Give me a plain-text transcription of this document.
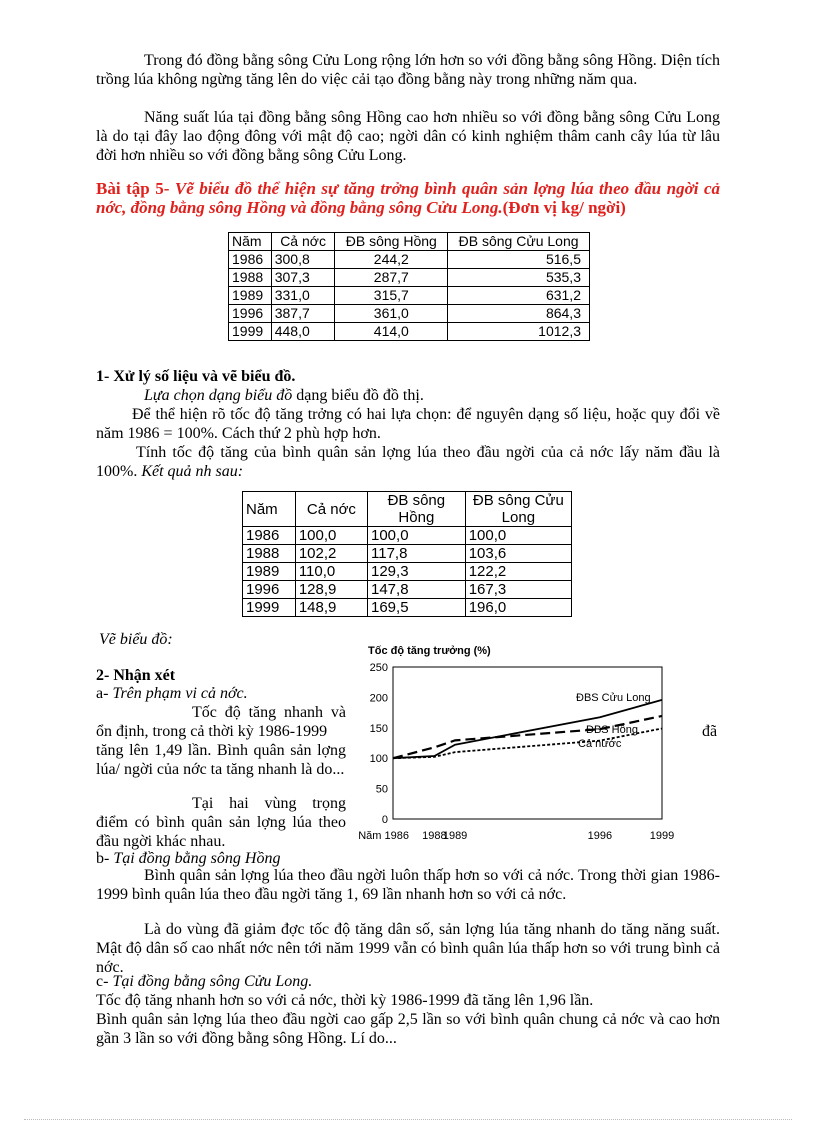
Trong đó đồng bằng sông Cửu Long rộng lớn hơn so với đồng bằng sông Hồng. Diện tích trồng lúa không ngừng tăng lên do việc cải tạo đồng bằng này trong những năm qua.
Năng suất lúa tại đồng bằng sông Hồng cao hơn nhiều so với đồng bằng sông Cửu Long là do tại đây lao động đông với mật độ cao; ngời dân có kinh nghiệm thâm canh cây lúa từ lâu đời hơn nhiều so với đồng bằng sông Cửu Long.
Bài tập 5- Vẽ biểu đồ thể hiện sự tăng trởng bình quân sản lợng lúa theo đầu ngời cả nớc, đồng bằng sông Hồng và đồng bằng sông Cửu Long.(Đơn vị kg/ ngời)
Năm	Cả nớc	ĐB sông Hồng	ĐB sông Cửu Long
1986	300,8	244,2	516,5
1988	307,3	287,7	535,3
1989	331,0	315,7	631,2
1996	387,7	361,0	864,3
1999	448,0	414,0	1012,3
1- Xử lý số liệu và vẽ biểu đồ.
Lựa chọn dạng biểu đồ dạng biểu đồ đồ thị.
Để thể hiện rõ tốc độ tăng trởng có hai lựa chọn: để nguyên dạng số liệu, hoặc quy đổi về năm 1986 = 100%. Cách thứ 2 phù hợp hơn.
Tính tốc độ tăng của bình quân sản lợng lúa theo đầu ngời của cả nớc lấy năm đầu là 100%. Kết quả nh sau:
Năm	Cả nớc	ĐB sông Hồng	ĐB sông Cửu Long
1986	100,0	100,0	100,0
1988	102,2	117,8	103,6
1989	110,0	129,3	122,2
1996	128,9	147,8	167,3
1999	148,9	169,5	196,0
Vẽ biểu đồ:
Tốc độ tăng trưởng (%)
250
200
150
100
50
0
Năm 1986 1988
1989	1996	1999
Cả nước
ĐBS Hồng
ĐBS Cửu Long
2- Nhận xét
a- Trên phạm vi cả nớc.
Tốc độ tăng nhanh và ổn định, trong cả thời kỳ 1986-1999	đã
tăng lên 1,49 lần. Bình quân sản lợng lúa/ ngời của nớc ta tăng nhanh là do...
Tại hai vùng trọng điểm có bình quân sản lợng lúa theo đầu ngời khác nhau.
b- Tại đồng bằng sông Hồng
Bình quân sản lợng lúa theo đầu ngời luôn thấp hơn so với cả nớc. Trong thời gian 1986- 1999 bình quân lúa theo đầu ngời tăng 1, 69 lần nhanh hơn so với cả nớc.
Là do vùng đã giảm đợc tốc độ tăng dân số, sản lợng lúa tăng nhanh do tăng năng suất. Mật độ dân số cao nhất nớc nên tới năm 1999 vẫn có bình quân lúa thấp hơn so với trung bình cả nớc.
c- Tại đồng bằng sông Cửu Long.
Tốc độ tăng nhanh hơn so với cả nớc, thời kỳ 1986-1999 đã tăng lên 1,96 lần.
Bình quân sản lợng lúa theo đầu ngời cao gấp 2,5 lần so với bình quân chung cả nớc và cao hơn gần 3 lần so với đồng bằng sông Hồng. Lí do...
